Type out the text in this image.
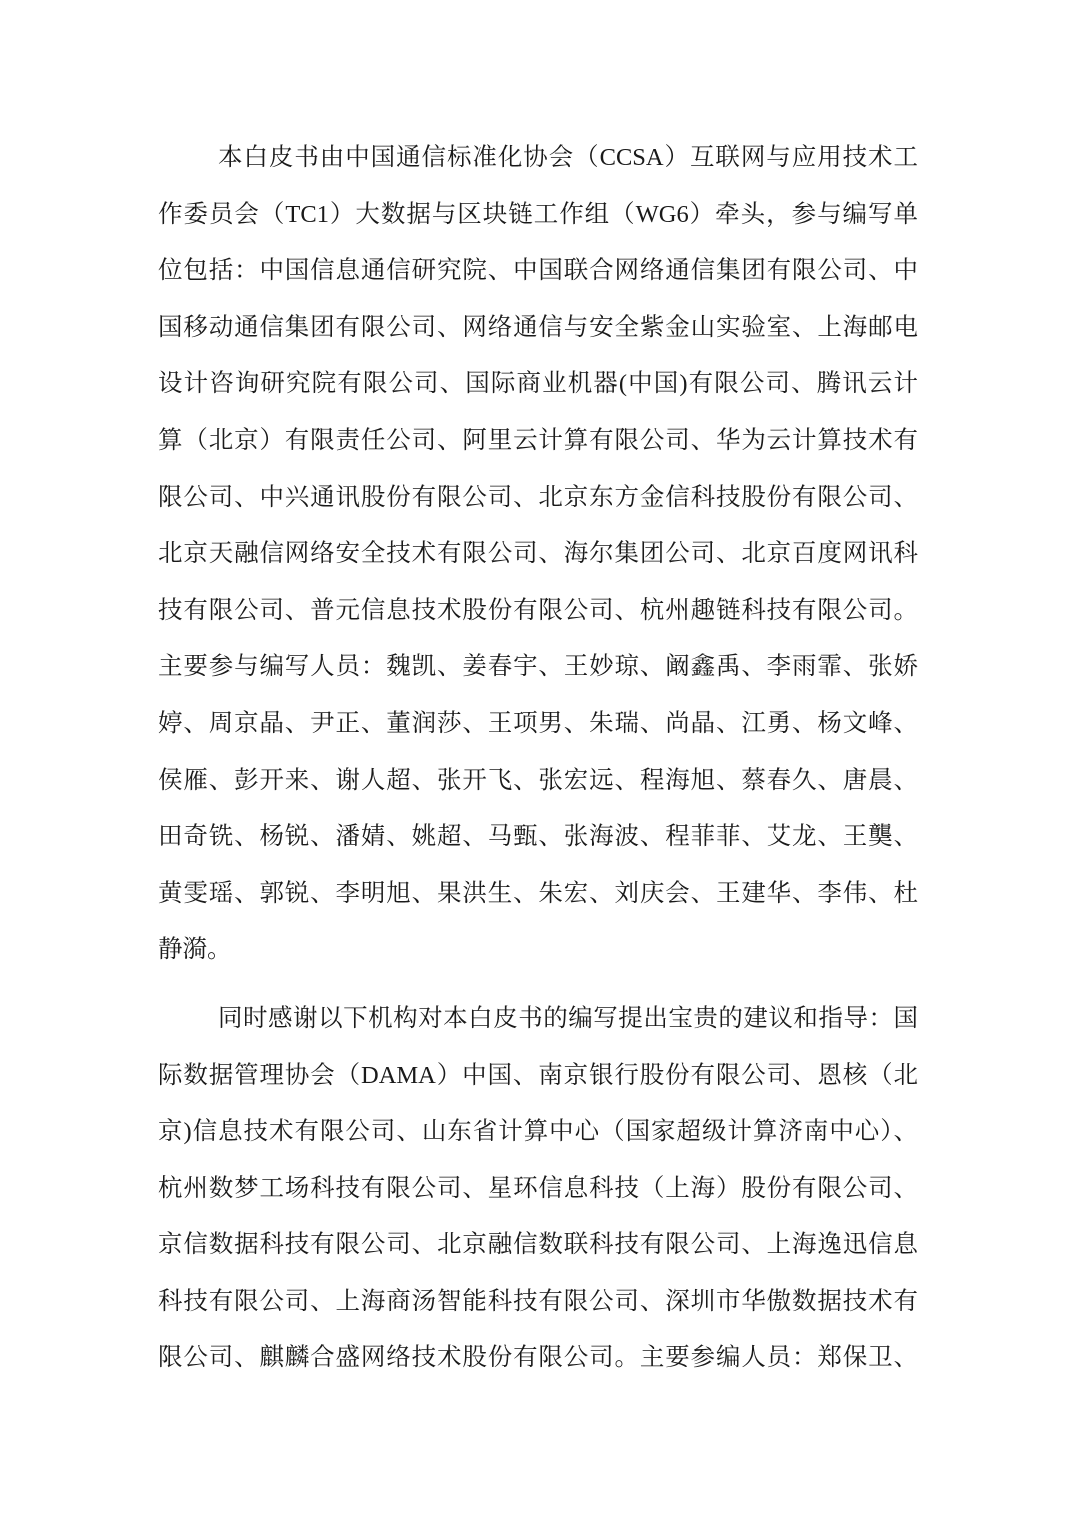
本白皮书由中国通信标准化协会（CCSA）互联网与应用技术工
作委员会（TC1）大数据与区块链工作组（WG6）牵头，参与编写单
位包括：中国信息通信研究院、中国联合网络通信集团有限公司、中
国移动通信集团有限公司、网络通信与安全紫金山实验室、上海邮电
设计咨询研究院有限公司、国际商业机器(中国)有限公司、腾讯云计
算（北京）有限责任公司、阿里云计算有限公司、华为云计算技术有
限公司、中兴通讯股份有限公司、北京东方金信科技股份有限公司、
北京天融信网络安全技术有限公司、海尔集团公司、北京百度网讯科
技有限公司、普元信息技术股份有限公司、杭州趣链科技有限公司。
主要参与编写人员：魏凯、姜春宇、王妙琼、阚鑫禹、李雨霏、张娇
婷、周京晶、尹正、董润莎、王项男、朱瑞、尚晶、江勇、杨文峰、
侯雁、彭开来、谢人超、张开飞、张宏远、程海旭、蔡春久、唐晨、
田奇铣、杨锐、潘婧、姚超、马甄、张海波、程菲菲、艾龙、王龑、
黄雯瑶、郭锐、李明旭、果洪生、朱宏、刘庆会、王建华、李伟、杜
静漪。
同时感谢以下机构对本白皮书的编写提出宝贵的建议和指导：国
际数据管理协会（DAMA）中国、南京银行股份有限公司、恩核（北
京)信息技术有限公司、山东省计算中心（国家超级计算济南中心）、
杭州数梦工场科技有限公司、星环信息科技（上海）股份有限公司、
京信数据科技有限公司、北京融信数联科技有限公司、上海逸迅信息
科技有限公司、上海商汤智能科技有限公司、深圳市华傲数据技术有
限公司、麒麟合盛网络技术股份有限公司。主要参编人员：郑保卫、
